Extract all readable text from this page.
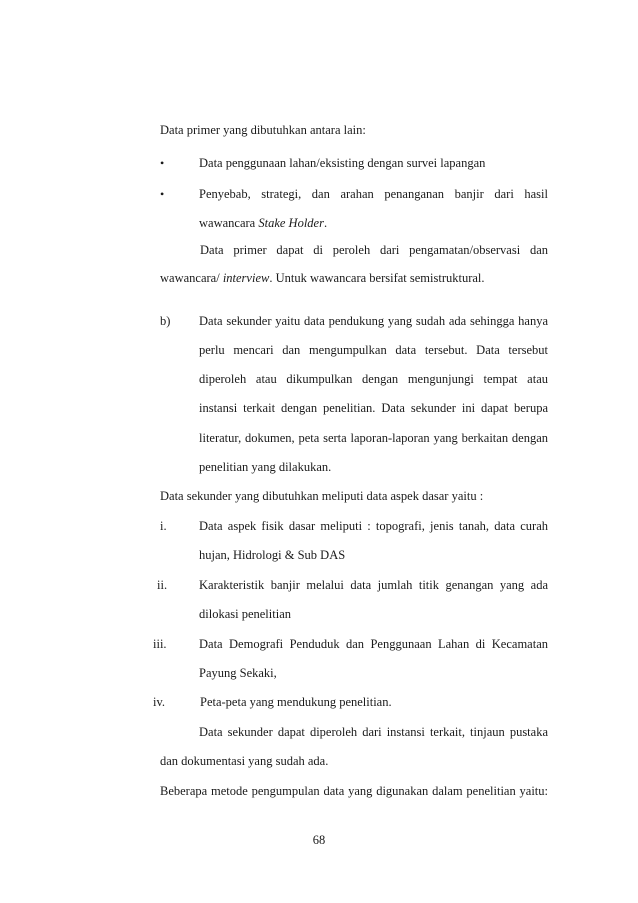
Data primer yang dibutuhkan antara lain:
•	Data penggunaan lahan/eksisting dengan survei lapangan
•	Penyebab, strategi, dan arahan penanganan banjir dari hasil
wawancara Stake Holder.
Data primer dapat di peroleh dari pengamatan/observasi dan
wawancara/ interview. Untuk wawancara bersifat semistruktural.
b) Data sekunder yaitu data pendukung yang sudah ada sehingga hanya
perlu mencari dan mengumpulkan data tersebut. Data tersebut
diperoleh atau dikumpulkan dengan mengunjungi tempat atau
instansi terkait dengan penelitian. Data sekunder ini dapat berupa
literatur, dokumen, peta serta laporan-laporan yang berkaitan dengan
penelitian yang dilakukan.
Data sekunder yang dibutuhkan meliputi data aspek dasar yaitu :
i.	Data aspek fisik dasar meliputi : topografi, jenis tanah, data curah
hujan, Hidrologi & Sub DAS
ii.	Karakteristik banjir melalui data jumlah titik genangan yang ada
dilokasi penelitian
iii.	Data Demografi Penduduk dan Penggunaan Lahan di Kecamatan
Payung Sekaki,
iv.	Peta-peta yang mendukung penelitian.
Data sekunder dapat diperoleh dari instansi terkait, tinjaun pustaka
dan dokumentasi yang sudah ada.
Beberapa metode pengumpulan data yang digunakan dalam penelitian yaitu:
68
